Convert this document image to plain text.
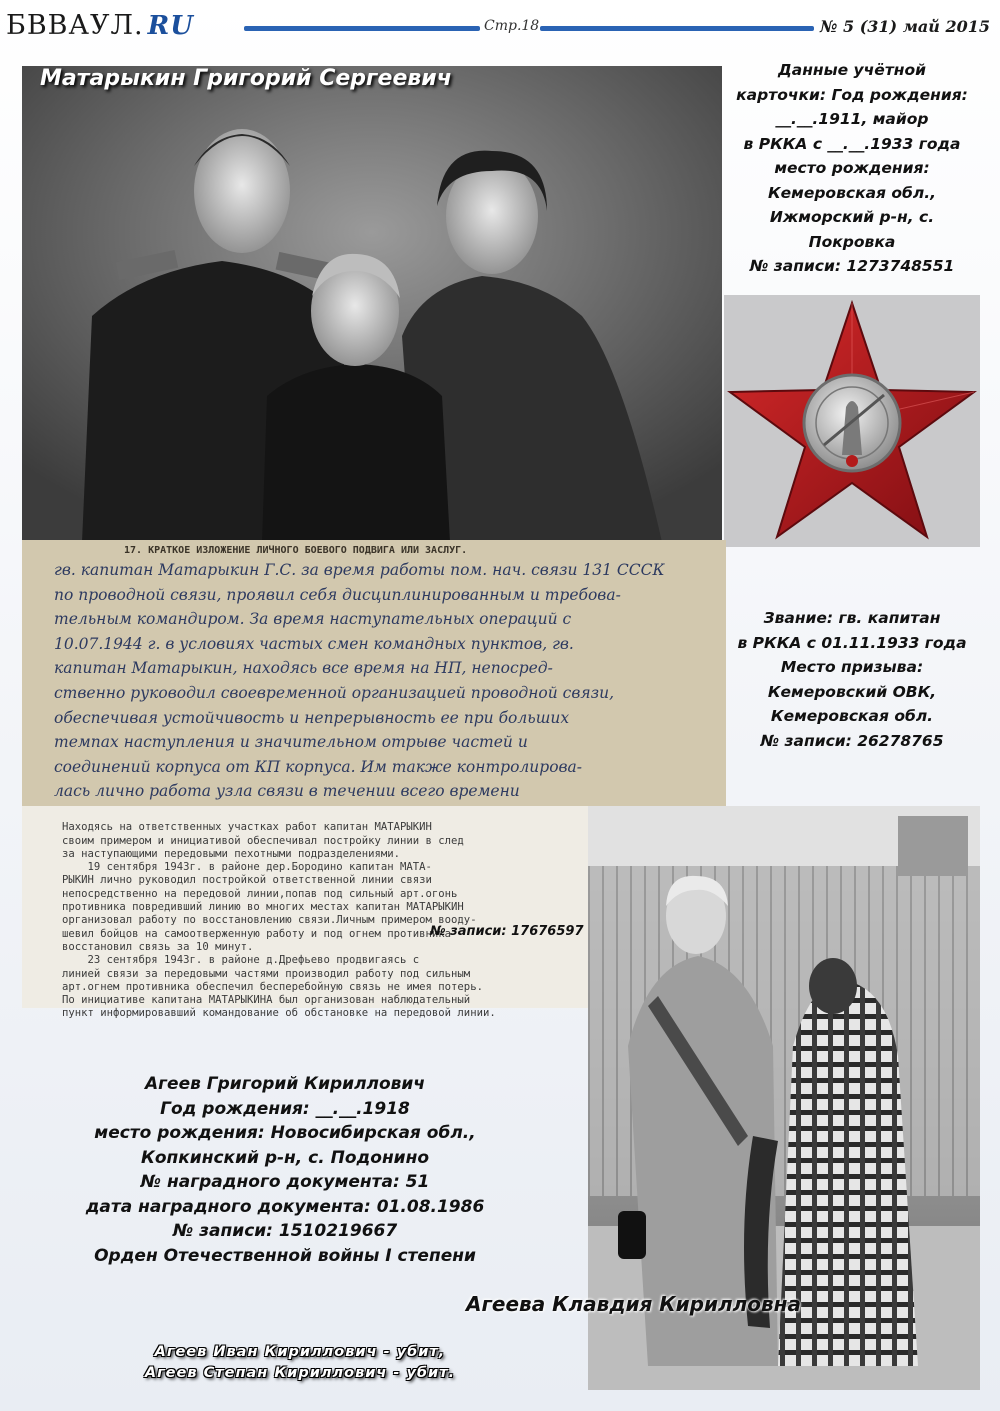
БВВАУЛ. RU	Стр.18	№ 5 (31) май 2015
Матарыкин Григорий Сергеевич	Данные учётной
карточки: Год рождения:
__.__.1911, майор
в РККА с __.__.1933 года
место рождения:
Кемеровская обл.,
Ижморский р-н, с.
Покровка
№ записи: 1273748551
17. КРАТКОЕ ИЗЛОЖЕНИЕ ЛИЧНОГО БОЕВОГО ПОДВИГА ИЛИ ЗАСЛУГ.
гв. капитан Матарыкин Г.С. за время работы пом. нач. связи 131 СССК
по проводной связи, проявил себя дисциплинированным и требова-
тельным командиром. За время наступательных операций с
10.07.1944 г. в условиях частых смен командных пунктов, гв.
капитан Матарыкин, находясь все время на НП, непосред-
ственно руководил своевременной организацией проводной связи,
обеспечивая устойчивость и непрерывность ее при больших
темпах наступления и значительном отрыве частей и
соединений корпуса от КП корпуса. Им также контролирова-
лась лично работа узла связи в течении всего времени
Звание: гв. капитан
в РККА с 01.11.1933 года
Место призыва:
Кемеровский ОВК,
Кемеровская обл.
№ записи: 26278765

Находясь на ответственных участках работ капитан МАТАРЫКИН
своим примером и инициативой обеспечивал постройку линии в след
за наступающими передовыми пехотными подразделениями.
19 сентября 1943г. в районе дер.Бородино капитан МАТА-
РЫКИН лично руководил постройкой ответственной линии связи
непосредственно на передовой линии,попав под сильный арт.огонь
противника повредивший линию во многих местах капитан МАТАРЫКИН
организовал работу по восстановлению связи.Личным примером вооду-
шевил бойцов на самоотверженную работу и под огнем противника
восстановил связь за 10 минут.
23 сентября 1943г. в районе д.Дрефьево продвигаясь с
линией связи за передовыми частями производил работу под сильным
арт.огнем противника обеспечил бесперебойную связь не имея потерь.
По инициативе капитана МАТАРЫКИНА был организован наблюдательный
пункт информировавший командование об обстановке на передовой линии.
№ записи: 17676597
Агеева Клавдия Кирилловна
Агеев Григорий Кириллович
Год рождения: __.__.1918
место рождения: Новосибирская обл.,
Копкинский р-н, с. Подонино
№ наградного документа: 51
дата наградного документа: 01.08.1986
№ записи: 1510219667
Орден Отечественной войны I степени
Агеев Иван Кириллович - убит,
Агеев Степан Кириллович - убит.
